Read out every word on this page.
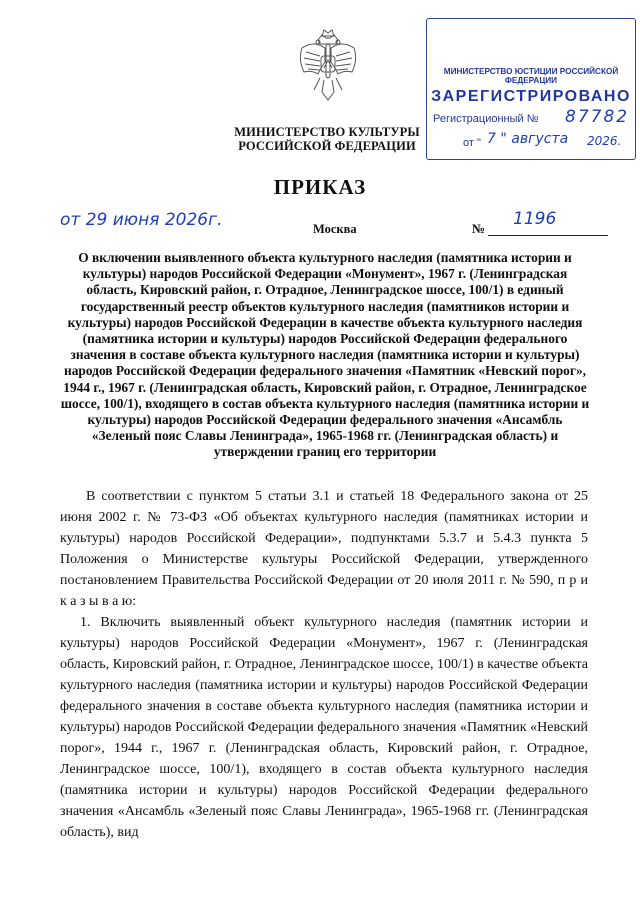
МИНИСТЕРСТВО КУЛЬТУРЫ
РОССИЙСКОЙ ФЕДЕРАЦИИ
МИНИСТЕРСТВО ЮСТИЦИИ РОССИЙСКОЙ ФЕДЕРАЦИИ
ЗАРЕГИСТРИРОВАНО
Регистрационный № 87782
от " 7 " августа 2026.
ПРИКАЗ
от 29 июня 2026г.	Москва	№ 1196
О включении выявленного объекта культурного наследия (памятника истории и культуры) народов Российской Федерации «Монумент», 1967 г. (Ленинградская область, Кировский район, г. Отрадное, Ленинградское шоссе, 100/1) в единый государственный реестр объектов культурного наследия (памятников истории и культуры) народов Российской Федерации в качестве объекта культурного наследия (памятника истории и культуры) народов Российской Федерации федерального значения в составе объекта культурного наследия (памятника истории и культуры) народов Российской Федерации федерального значения «Памятник «Невский порог», 1944 г., 1967 г. (Ленинградская область, Кировский район, г. Отрадное, Ленинградское шоссе, 100/1), входящего в состав объекта культурного наследия (памятника истории и культуры) народов Российской Федерации федерального значения «Ансамбль «Зеленый пояс Славы Ленинграда», 1965-1968 гг. (Ленинградская область) и утверждении границ его территории

В соответствии с пунктом 5 статьи 3.1 и статьей 18 Федерального закона от 25 июня 2002 г. № 73-ФЗ «Об объектах культурного наследия (памятниках истории и культуры) народов Российской Федерации», подпунктами 5.3.7 и 5.4.3 пункта 5 Положения о Министерстве культуры Российской Федерации, утвержденного постановлением Правительства Российской Федерации от 20 июля 2011 г. № 590, п р и к а з ы в а ю:

1. Включить выявленный объект культурного наследия (памятник истории и культуры) народов Российской Федерации «Монумент», 1967 г. (Ленинградская область, Кировский район, г. Отрадное, Ленинградское шоссе, 100/1) в качестве объекта культурного наследия (памятника истории и культуры) народов Российской Федерации федерального значения в составе объекта культурного наследия (памятника истории и культуры) народов Российской Федерации федерального значения «Памятник «Невский порог», 1944 г., 1967 г. (Ленинградская область, Кировский район, г. Отрадное, Ленинградское шоссе, 100/1), входящего в состав объекта культурного наследия (памятника истории и культуры) народов Российской Федерации федерального значения «Ансамбль «Зеленый пояс Славы Ленинграда», 1965-1968 гг. (Ленинградская область), вид
